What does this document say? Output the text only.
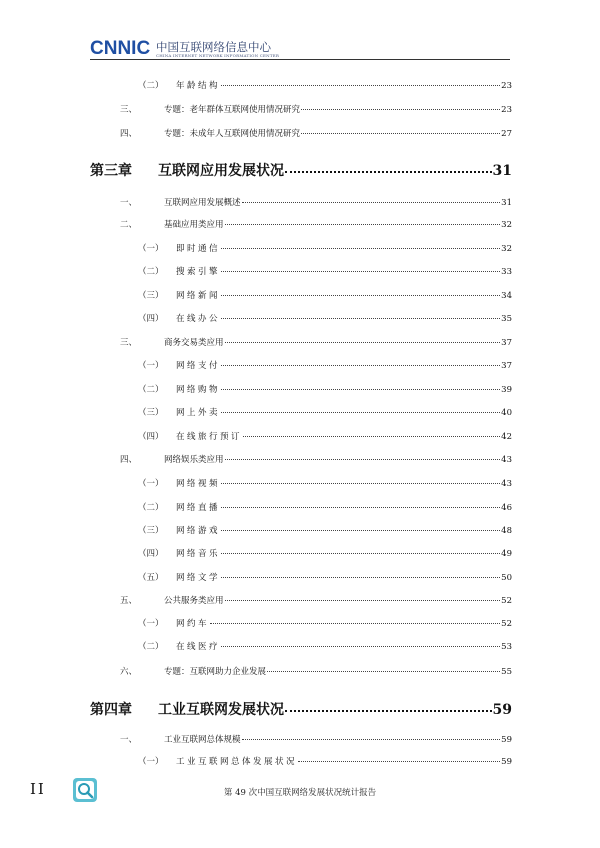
CNNIC 中国互联网络信息中心
CHINA INTERNET NETWORK INFORMATION CENTER
（二）	年龄结构	23
三、	专题：老年群体互联网使用情况研究	23
四、	专题：未成年人互联网使用情况研究	27
第三章	互联网应用发展状况	31
一、	互联网应用发展概述	31
二、	基础应用类应用	32
（一）	即时通信	32
（二）	搜索引擎	33
（三）	网络新闻	34
（四）	在线办公	35
三、	商务交易类应用	37
（一）	网络支付	37
（二）	网络购物	39
（三）	网上外卖	40
（四）	在线旅行预订	42
四、	网络娱乐类应用	43
（一）	网络视频	43
（二）	网络直播	46
（三）	网络游戏	48
（四）	网络音乐	49
（五）	网络文学	50
五、	公共服务类应用	52
（一）	网约车	52
（二）	在线医疗	53
六、	专题：互联网助力企业发展	55
第四章	工业互联网发展状况	59
一、	工业互联网总体规模	59
（一）	工业互联网总体发展状况	59
II	第 49 次中国互联网络发展状况统计报告
